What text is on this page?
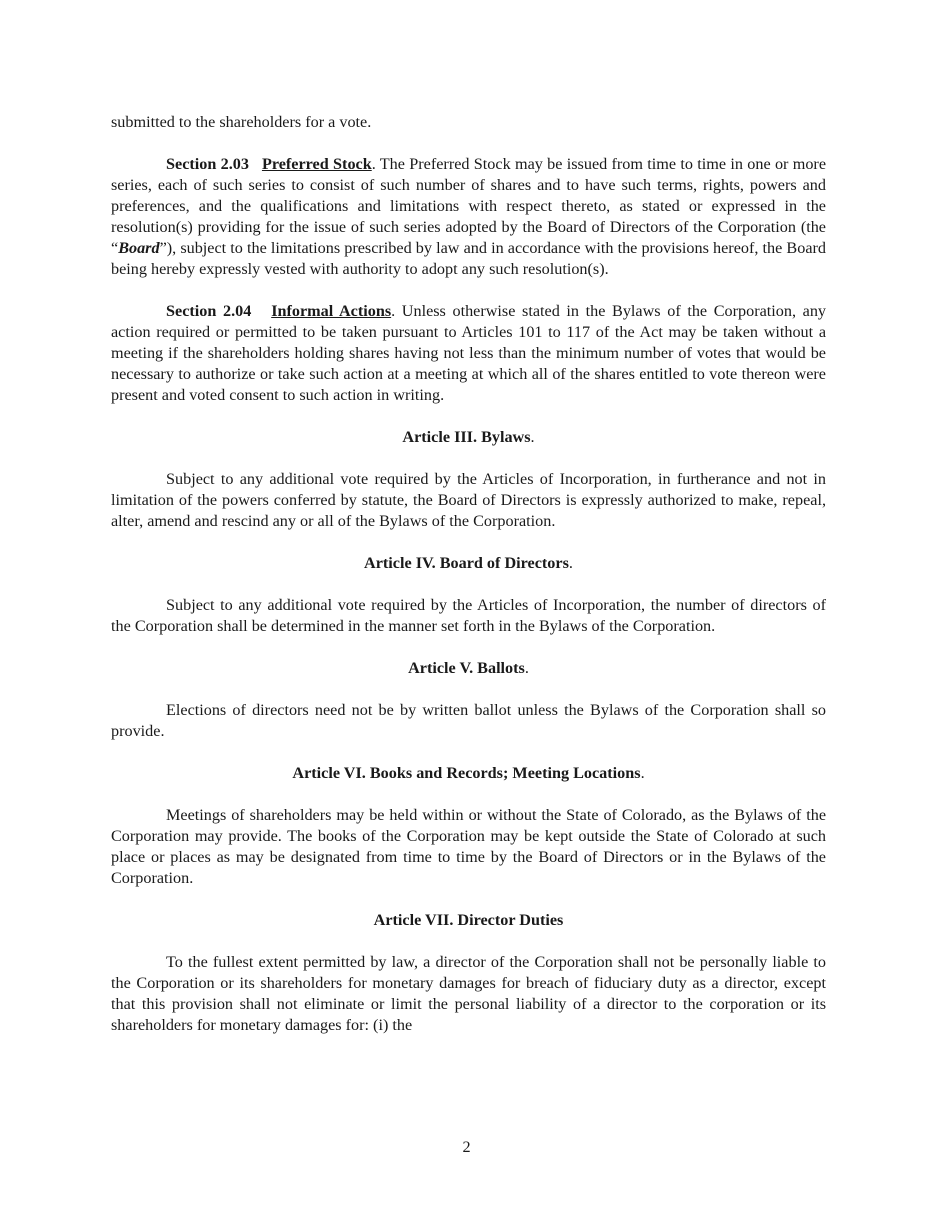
submitted to the shareholders for a vote.

Section 2.03 Preferred Stock. The Preferred Stock may be issued from time to time in one or more series, each of such series to consist of such number of shares and to have such terms, rights, powers and preferences, and the qualifications and limitations with respect thereto, as stated or expressed in the resolution(s) providing for the issue of such series adopted by the Board of Directors of the Corporation (the “Board”), subject to the limitations prescribed by law and in accordance with the provisions hereof, the Board being hereby expressly vested with authority to adopt any such resolution(s).

Section 2.04 Informal Actions. Unless otherwise stated in the Bylaws of the Corporation, any action required or permitted to be taken pursuant to Articles 101 to 117 of the Act may be taken without a meeting if the shareholders holding shares having not less than the minimum number of votes that would be necessary to authorize or take such action at a meeting at which all of the shares entitled to vote thereon were present and voted consent to such action in writing.

Article III. Bylaws.

Subject to any additional vote required by the Articles of Incorporation, in furtherance and not in limitation of the powers conferred by statute, the Board of Directors is expressly authorized to make, repeal, alter, amend and rescind any or all of the Bylaws of the Corporation.

Article IV. Board of Directors.

Subject to any additional vote required by the Articles of Incorporation, the number of directors of the Corporation shall be determined in the manner set forth in the Bylaws of the Corporation.

Article V. Ballots.

Elections of directors need not be by written ballot unless the Bylaws of the Corporation shall so provide.

Article VI. Books and Records; Meeting Locations.

Meetings of shareholders may be held within or without the State of Colorado, as the Bylaws of the Corporation may provide. The books of the Corporation may be kept outside the State of Colorado at such place or places as may be designated from time to time by the Board of Directors or in the Bylaws of the Corporation.

Article VII. Director Duties

To the fullest extent permitted by law, a director of the Corporation shall not be personally liable to the Corporation or its shareholders for monetary damages for breach of fiduciary duty as a director, except that this provision shall not eliminate or limit the personal liability of a director to the corporation or its shareholders for monetary damages for: (i) the

2
